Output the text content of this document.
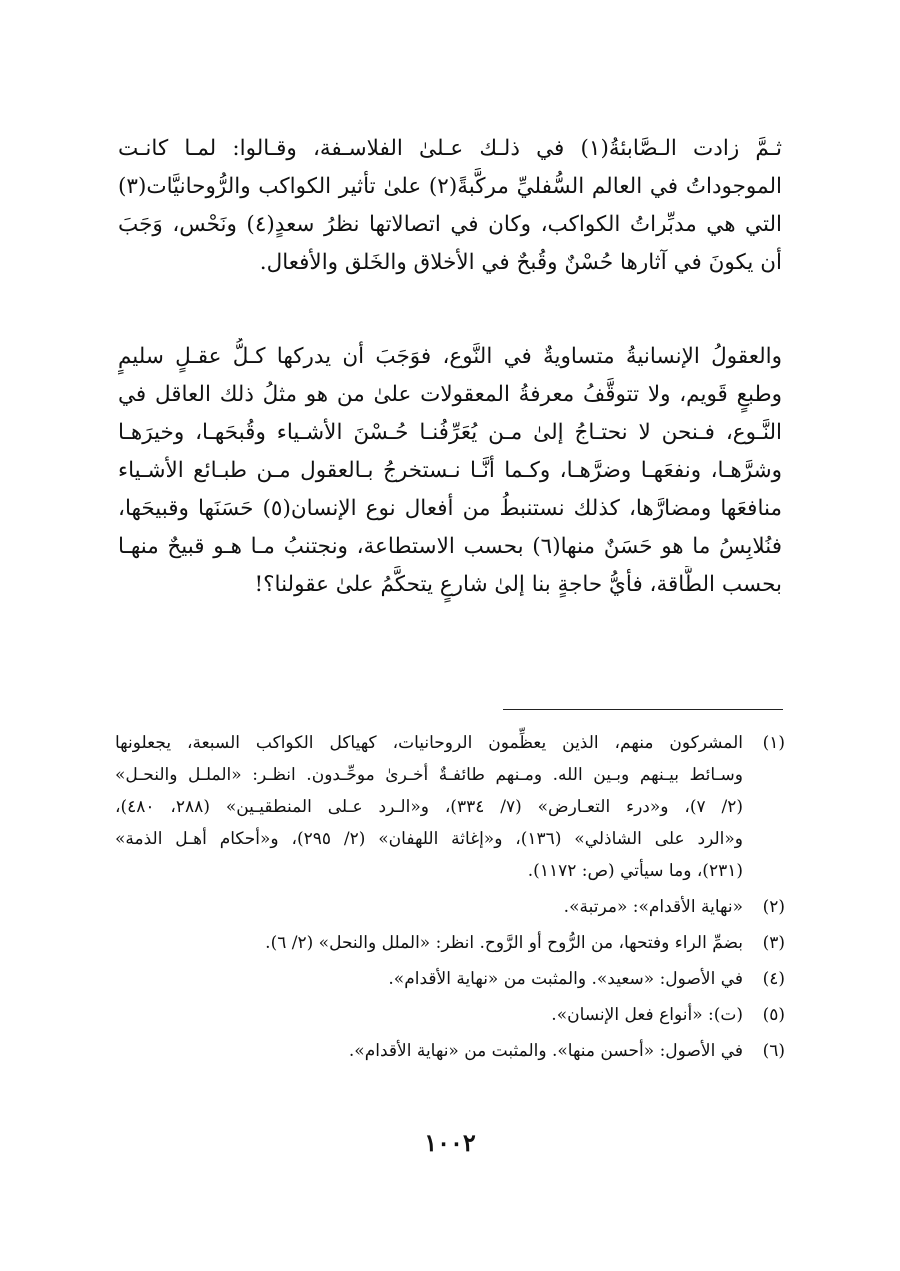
ثـمَّ زادت الـصَّابئةُ(١) في ذلـك عـلىٰ الفلاسـفة، وقـالوا: لمـا كانـت
الموجوداتُ في العالم السُّفليِّ مركَّبةً(٢) علىٰ تأثير الكواكب والرُّوحانيَّات(٣)
التي هي مدبِّراتُ الكواكب، وكان في اتصالاتها نظرُ سعدٍ(٤) ونَحْس، وَجَبَ
أن يكونَ في آثارها حُسْنٌ وقُبحٌ في الأخلاق والخَلق والأفعال.
والعقولُ الإنسانيةُ متساويةٌ في النَّوع، فوَجَبَ أن يدركها كـلُّ عقـلٍ سليمٍ
وطبعٍ قَويم، ولا تتوقَّفُ معرفةُ المعقولات علىٰ من هو مثلُ ذلك العاقل في
النَّـوع، فـنحن لا نحتـاجُ إلىٰ مـن يُعَرِّفُنـا حُـسْنَ الأشـياء وقُبحَهـا، وخيرَهـا
وشرَّهـا، ونفعَهـا وضرَّهـا، وكـما أنَّـا نـستخرجُ بـالعقول مـن طبـائع الأشـياء
منافعَها ومضارَّها، كذلك نستنبطُ من أفعال نوع الإنسان(٥) حَسَنَها وقبيحَها،
فنُلابِسُ ما هو حَسَنٌ منها(٦) بحسب الاستطاعة، ونجتنبُ مـا هـو قبيحٌ منهـا
بحسب الطَّاقة، فأيُّ حاجةٍ بنا إلىٰ شارعٍ يتحكَّمُ علىٰ عقولنا؟!
(١)
المشركون منهم، الذين يعظِّمون الروحانيات، كهياكل الكواكب السبعة، يجعلونها
وسـائط بيـنهم وبـين الله. ومـنهم طائفـةٌ أخـرىٰ موحِّـدون. انظـر: «الملـل والنحـل»
(٢/ ٧)، و«درء التعـارض» (٧/ ٣٣٤)، و«الـرد عـلى المنطقيـين» (٢٨٨، ٤٨٠)،
و«الرد على الشاذلي» (١٣٦)، و«إغاثة اللهفان» (٢/ ٢٩٥)، و«أحكام أهـل الذمة»
(٢٣١)، وما سيأتي (ص: ١١٧٢).
(٢)
«نهاية الأقدام»: «مرتبة».
(٣)
بضمِّ الراء وفتحها، من الرُّوح أو الرَّوح. انظر: «الملل والنحل» (٢/ ٦).
(٤)
في الأصول: «سعيد». والمثبت من «نهاية الأقدام».
(٥)
(ت): «أنواع فعل الإنسان».
(٦)
في الأصول: «أحسن منها». والمثبت من «نهاية الأقدام».
١٠٠٢
